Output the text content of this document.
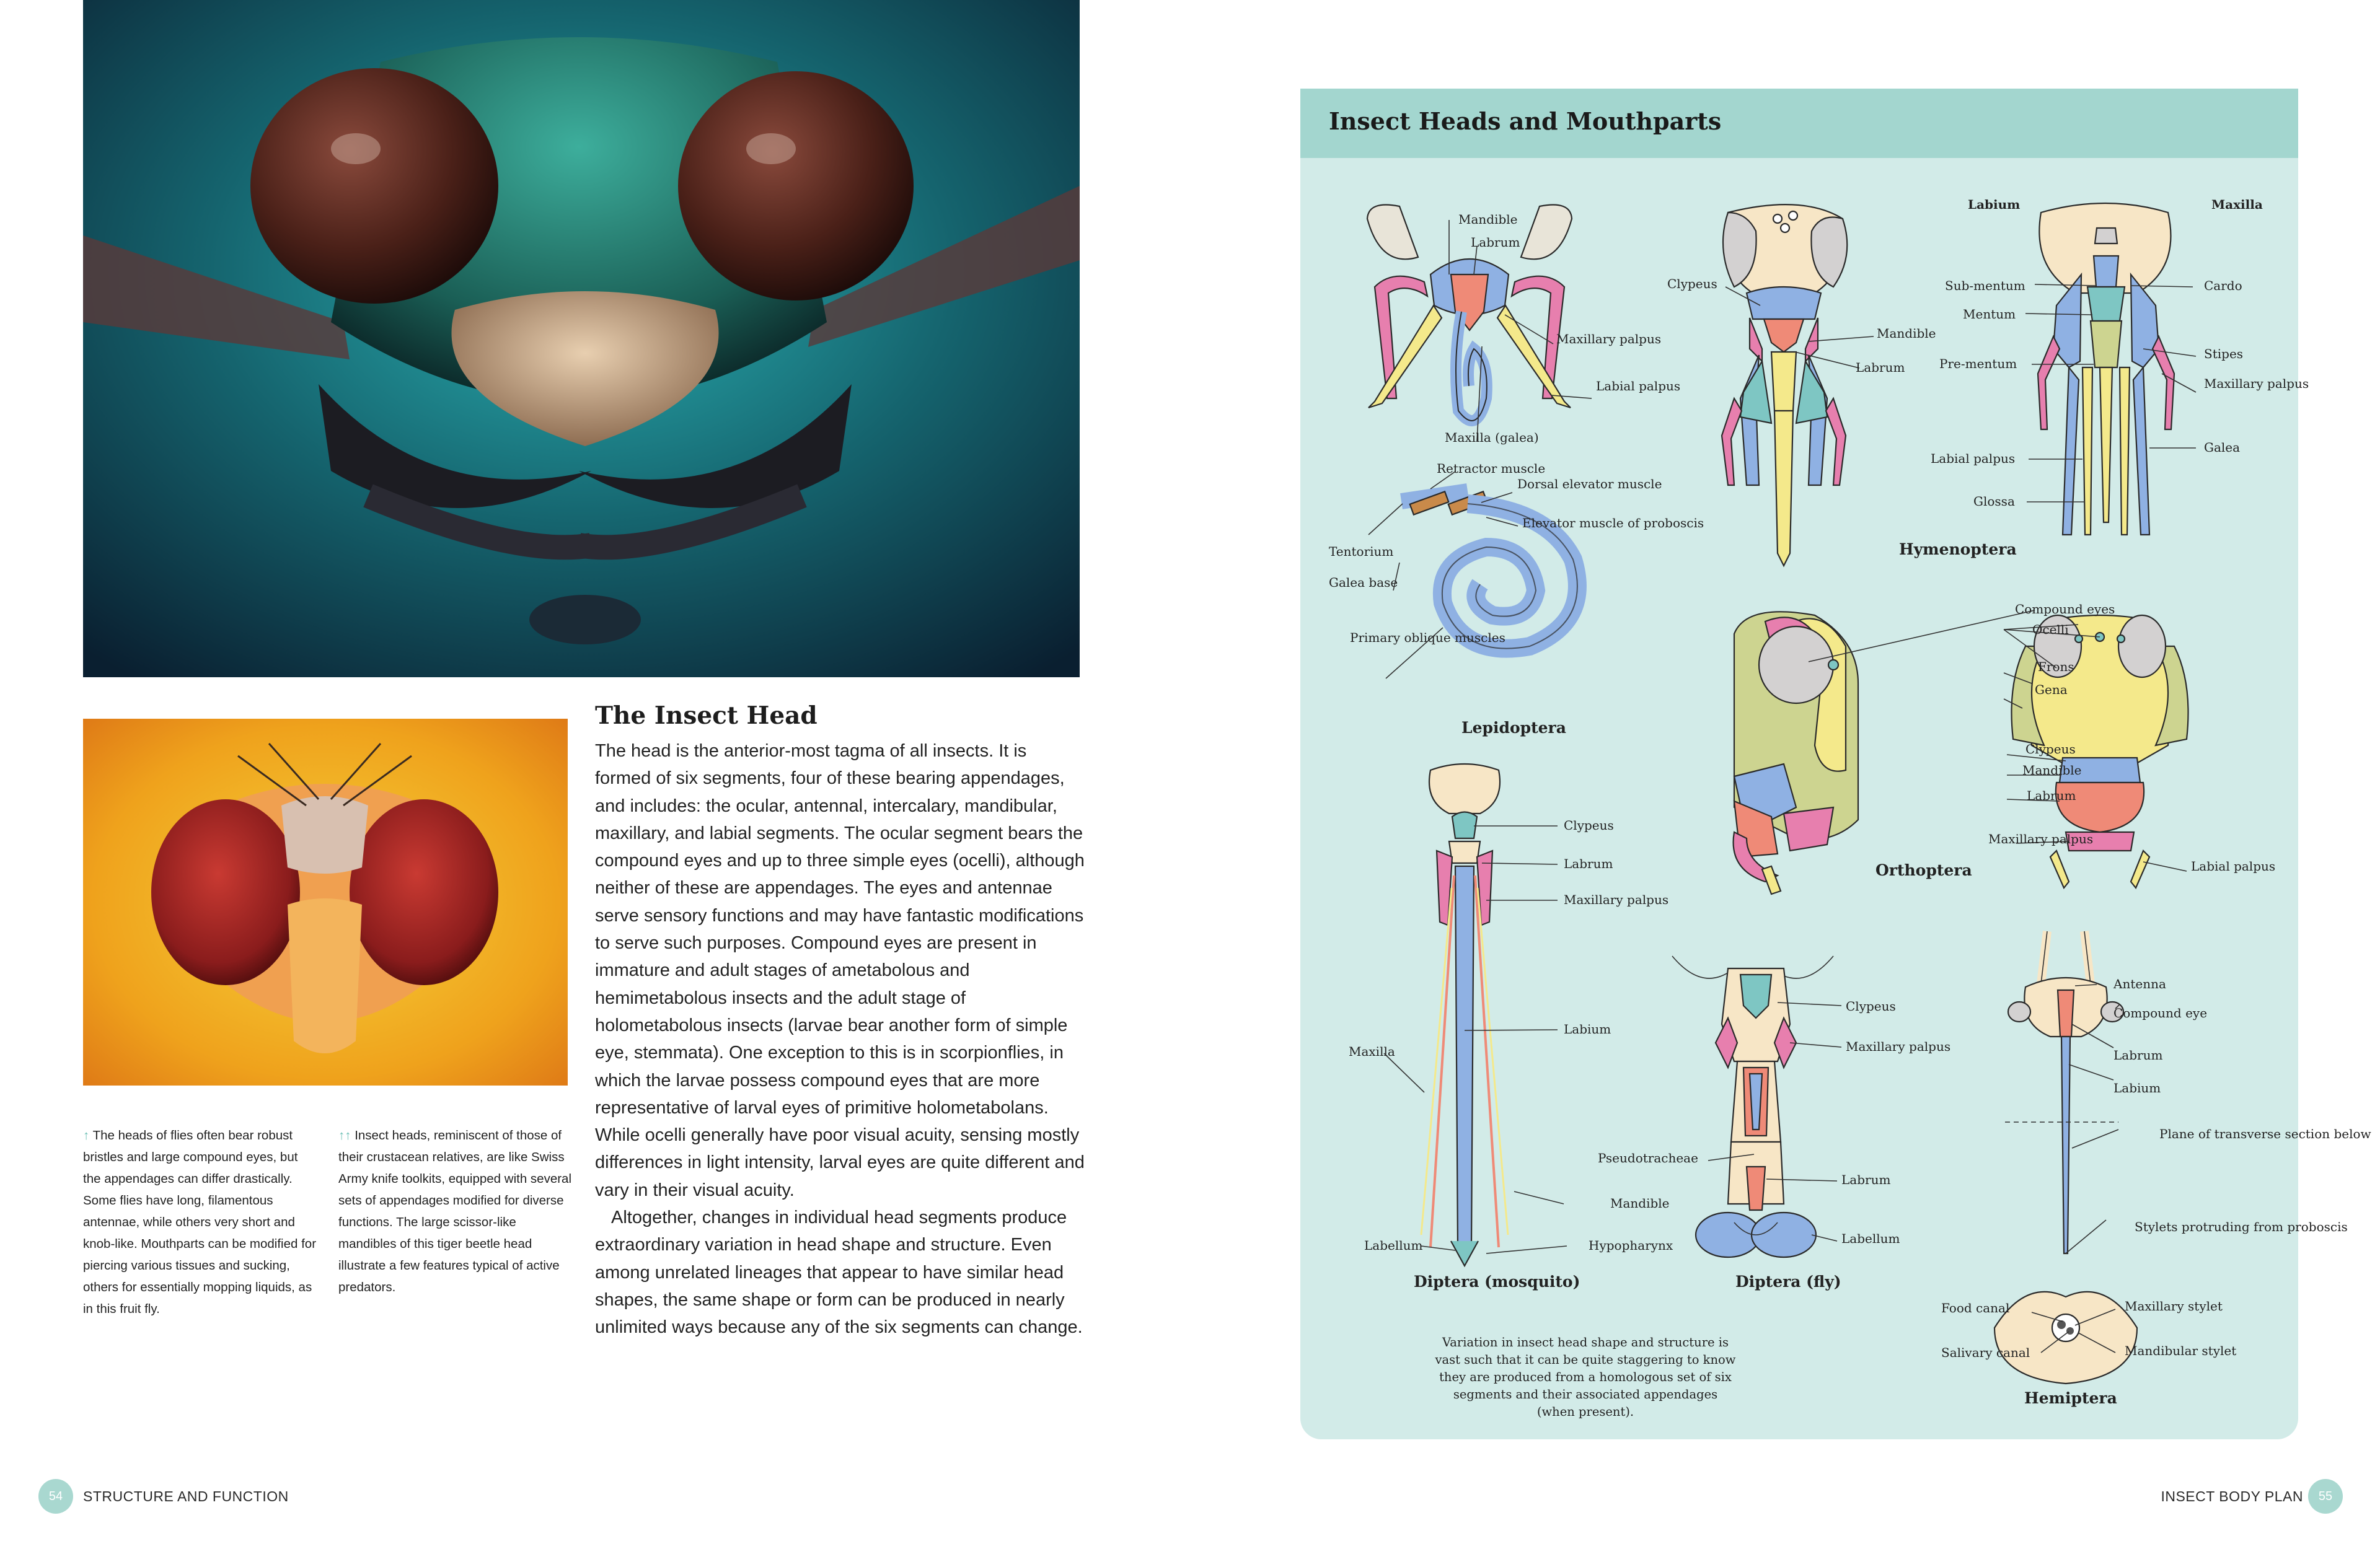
↑ The heads of flies often bear robust bristles and large compound eyes, but the appendages can differ drastically. Some flies have long, filamentous antennae, while others very short and knob-like. Mouthparts can be modified for piercing various tissues and sucking, others for essentially mopping liquids, as in this fruit fly.
↑↑ Insect heads, reminiscent of those of their crustacean relatives, are like Swiss Army knife toolkits, equipped with several sets of appendages modified for diverse functions. The large scissor-like mandibles of this tiger beetle head illustrate a few features typical of active predators.
The Insect Head

The head is the anterior-most tagma of all insects. It is formed of six segments, four of these bearing appendages, and includes: the ocular, antennal, intercalary, mandibular, maxillary, and labial segments. The ocular segment bears the compound eyes and up to three simple eyes (ocelli), although neither of these are appendages. The eyes and antennae serve sensory functions and may have fantastic modifications to serve such purposes. Compound eyes are present in immature and adult stages of ametabolous and hemimetabolous insects and the adult stage of holometabolous insects (larvae bear another form of simple eye, stemmata). One exception to this is in scorpionflies, in which the larvae possess compound eyes that are more representative of larval eyes of primitive holometabolans. While ocelli generally have poor visual acuity, sensing mostly differences in light intensity, larval eyes are quite different and vary in their visual acuity.

Altogether, changes in individual head segments produce extraordinary variation in head shape and structure. Even among unrelated lineages that appear to have similar head shapes, the same shape or form can be produced in nearly unlimited ways because any of the six segments can change.

54	STRUCTURE AND FUNCTION	INSECT BODY PLAN	55
Insect Heads and Mouthparts
Mandible
Labrum
Maxillary palpus
Labial palpus
Maxilla (galea)
Retractor muscle
Dorsal elevator muscle
Elevator muscle of proboscis
Tentorium
Galea base
Primary oblique muscles
Lepidoptera
Clypeus
Mandible
Labrum
Hymenoptera
Labium	Maxilla
Sub-mentum
Mentum
Pre-mentum
Labial palpus
Glossa
Cardo
Stipes
Maxillary palpus
Galea
Compound eyes
Ocelli
Frons
Gena
Clypeus
Mandible
Labrum
Maxillary palpus
Labial palpus
Orthoptera
Clypeus
Labrum
Maxillary palpus
Labium
Maxilla
Mandible
Labellum	Hypopharynx
Diptera (mosquito)
Clypeus
Maxillary palpus
Pseudotracheae
Labrum
Labellum
Diptera (fly)
Antenna
Compound eye
Labrum
Labium
Plane of transverse section below
Stylets protruding from proboscis
Food canal
Salivary canal
Maxillary stylet
Mandibular stylet
Hemiptera
Variation in insect head shape and structure is vast such that it can be quite staggering to know they are produced from a homologous set of six segments and their associated appendages (when present).
